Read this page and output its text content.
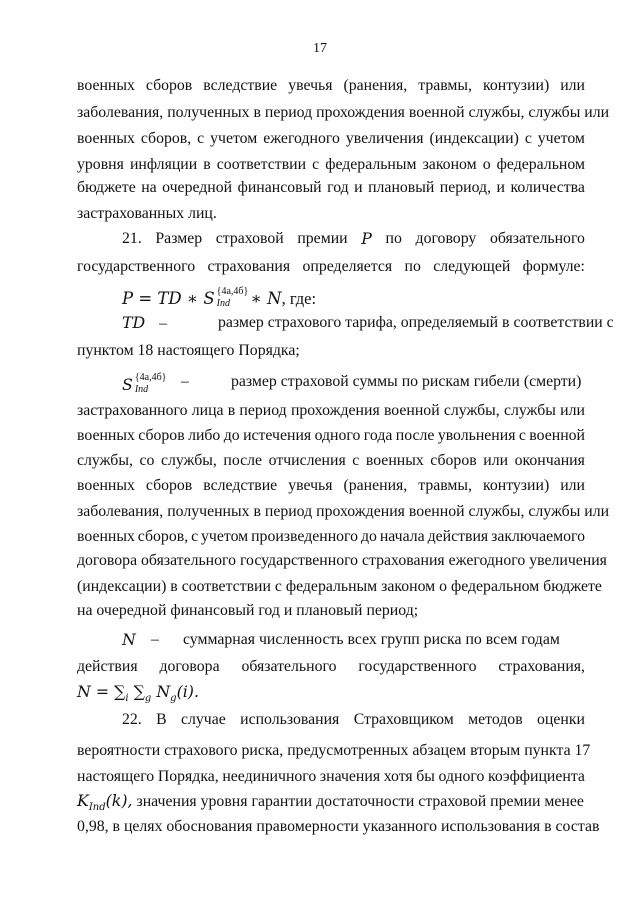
17
военных сборов вследствие увечья (ранения, травмы, контузии) или
заболевания, полученных в период прохождения военной службы, службы или
военных сборов, с учетом ежегодного увеличения (индексации) с учетом
уровня инфляции в соответствии с федеральным законом о федеральном
бюджете на очередной финансовый год и плановый период, и количества
застрахованных лиц.
государственного страхования определяется по следующей формуле:
пунктом 18 настоящего Порядка;
застрахованного лица в период прохождения военной службы, службы или
военных сборов либо до истечения одного года после увольнения с военной
службы, со службы, после отчисления с военных сборов или окончания
военных сборов вследствие увечья (ранения, травмы, контузии) или
заболевания, полученных в период прохождения военной службы, службы или
военных сборов, с учетом произведенного до начала действия заключаемого
договора обязательного государственного страхования ежегодного увеличения
(индексации) в соответствии с федеральным законом о федеральном бюджете
на очередной финансовый год и плановый период;
действия договора обязательного государственного страхования,
вероятности страхового риска, предусмотренных абзацем вторым пункта 17
настоящего Порядка, неединичного значения хотя бы одного коэффициента
0,98, в целях обоснования правомерности указанного использования в состав
21. Размер страховой премии P по договору обязательного
P = TD ∗ S {4а,4б}
Ind ∗ N, где:
TD –	размер страхового тарифа, определяемый в соответствии с
S {4а,4б}
Ind –	размер страховой суммы по рискам гибели (смерти)
N – суммарная численность всех групп риска по всем годам
$N = \sum_i$ $\sum_g$ $N_g(i)$.
22. В случае использования Страховщиком методов оценки
$K_{Ind}(k)$, значения уровня гарантии достаточности страховой премии менее
